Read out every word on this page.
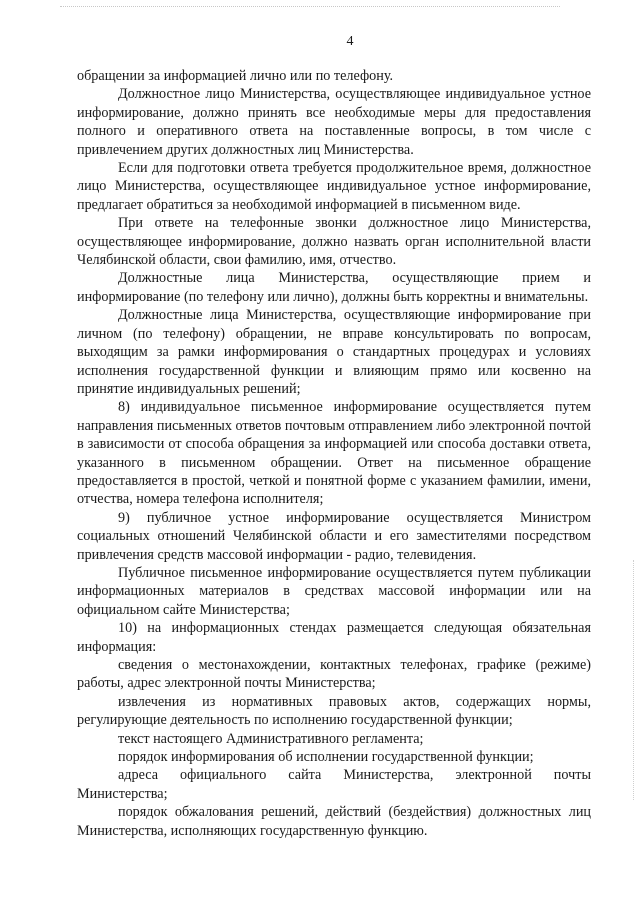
4

обращении за информацией лично или по телефону.

Должностное лицо Министерства, осуществляющее индивидуальное устное информирование, должно принять все необходимые меры для предоставления полного и оперативного ответа на поставленные вопросы, в том числе с привлечением других должностных лиц Министерства.

Если для подготовки ответа требуется продолжительное время, должностное лицо Министерства, осуществляющее индивидуальное устное информирование, предлагает обратиться за необходимой информацией в письменном виде.

При ответе на телефонные звонки должностное лицо Министерства, осуществляющее информирование, должно назвать орган исполнительной власти Челябинской области, свои фамилию, имя, отчество.

Должностные лица Министерства, осуществляющие прием и информирование (по телефону или лично), должны быть корректны и внимательны.

Должностные лица Министерства, осуществляющие информирование при личном (по телефону) обращении, не вправе консультировать по вопросам, выходящим за рамки информирования о стандартных процедурах и условиях исполнения государственной функции и влияющим прямо или косвенно на принятие индивидуальных решений;

8) индивидуальное письменное информирование осуществляется путем направления письменных ответов почтовым отправлением либо электронной почтой в зависимости от способа обращения за информацией или способа доставки ответа, указанного в письменном обращении. Ответ на письменное обращение предоставляется в простой, четкой и понятной форме с указанием фамилии, имени, отчества, номера телефона исполнителя;

9) публичное устное информирование осуществляется Министром социальных отношений Челябинской области и его заместителями посредством привлечения средств массовой информации - радио, телевидения.

Публичное письменное информирование осуществляется путем публикации информационных материалов в средствах массовой информации или на официальном сайте Министерства;

10) на информационных стендах размещается следующая обязательная информация:

сведения о местонахождении, контактных телефонах, графике (режиме) работы, адрес электронной почты Министерства;

извлечения из нормативных правовых актов, содержащих нормы, регулирующие деятельность по исполнению государственной функции;

текст настоящего Административного регламента;

порядок информирования об исполнении государственной функции;

адреса официального сайта Министерства, электронной почты Министерства;

порядок обжалования решений, действий (бездействия) должностных лиц Министерства, исполняющих государственную функцию.
